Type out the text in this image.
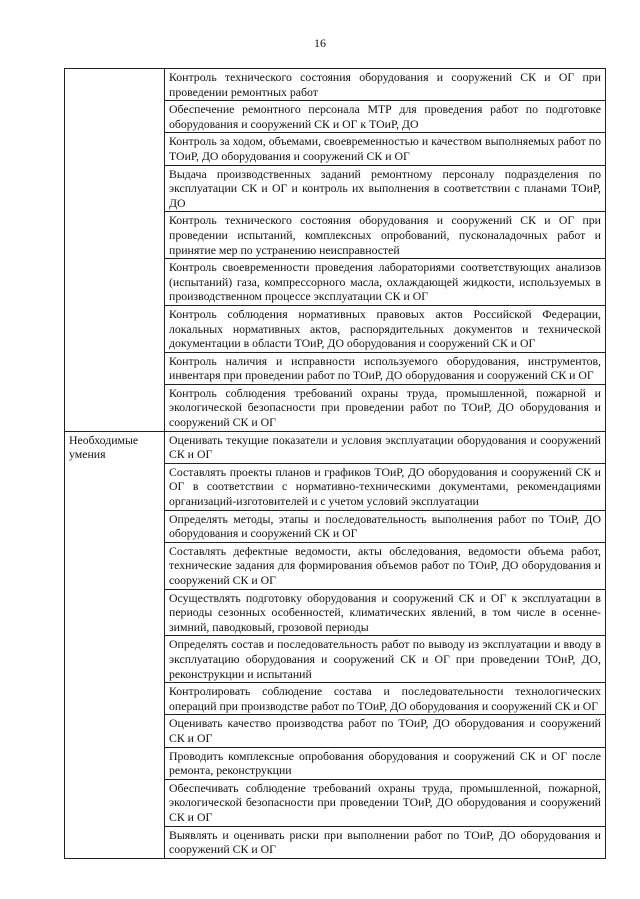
16
	Контроль технического состояния оборудования и сооружений СК и ОГ при проведении ремонтных работ
	Обеспечение ремонтного персонала МТР для проведения работ по подготовке оборудования и сооружений СК и ОГ к ТОиР, ДО
	Контроль за ходом, объемами, своевременностью и качеством выполняемых работ по ТОиР, ДО оборудования и сооружений СК и ОГ
	Выдача производственных заданий ремонтному персоналу подразделения по эксплуатации СК и ОГ и контроль их выполнения в соответствии с планами ТОиР, ДО
	Контроль технического состояния оборудования и сооружений СК и ОГ при проведении испытаний, комплексных опробований, пусконаладочных работ и принятие мер по устранению неисправностей
	Контроль своевременности проведения лабораториями соответствующих анализов (испытаний) газа, компрессорного масла, охлаждающей жидкости, используемых в производственном процессе эксплуатации СК и ОГ
	Контроль соблюдения нормативных правовых актов Российской Федерации, локальных нормативных актов, распорядительных документов и технической документации в области ТОиР, ДО оборудования и сооружений СК и ОГ
	Контроль наличия и исправности используемого оборудования, инструментов, инвентаря при проведении работ по ТОиР, ДО оборудования и сооружений СК и ОГ
	Контроль соблюдения требований охраны труда, промышленной, пожарной и экологической безопасности при проведении работ по ТОиР, ДО оборудования и сооружений СК и ОГ
Необходимые умения	Оценивать текущие показатели и условия эксплуатации оборудования и сооружений СК и ОГ
	Составлять проекты планов и графиков ТОиР, ДО оборудования и сооружений СК и ОГ в соответствии с нормативно-техническими документами, рекомендациями организаций-изготовителей и с учетом условий эксплуатации
	Определять методы, этапы и последовательность выполнения работ по ТОиР, ДО оборудования и сооружений СК и ОГ
	Составлять дефектные ведомости, акты обследования, ведомости объема работ, технические задания для формирования объемов работ по ТОиР, ДО оборудования и сооружений СК и ОГ
	Осуществлять подготовку оборудования и сооружений СК и ОГ к эксплуатации в периоды сезонных особенностей, климатических явлений, в том числе в осенне-зимний, паводковый, грозовой периоды
	Определять состав и последовательность работ по выводу из эксплуатации и вводу в эксплуатацию оборудования и сооружений СК и ОГ при проведении ТОиР, ДО, реконструкции и испытаний
	Контролировать соблюдение состава и последовательности технологических операций при производстве работ по ТОиР, ДО оборудования и сооружений СК и ОГ
	Оценивать качество производства работ по ТОиР, ДО оборудования и сооружений СК и ОГ
	Проводить комплексные опробования оборудования и сооружений СК и ОГ после ремонта, реконструкции
	Обеспечивать соблюдение требований охраны труда, промышленной, пожарной, экологической безопасности при проведении ТОиР, ДО оборудования и сооружений СК и ОГ
	Выявлять и оценивать риски при выполнении работ по ТОиР, ДО оборудования и сооружений СК и ОГ
